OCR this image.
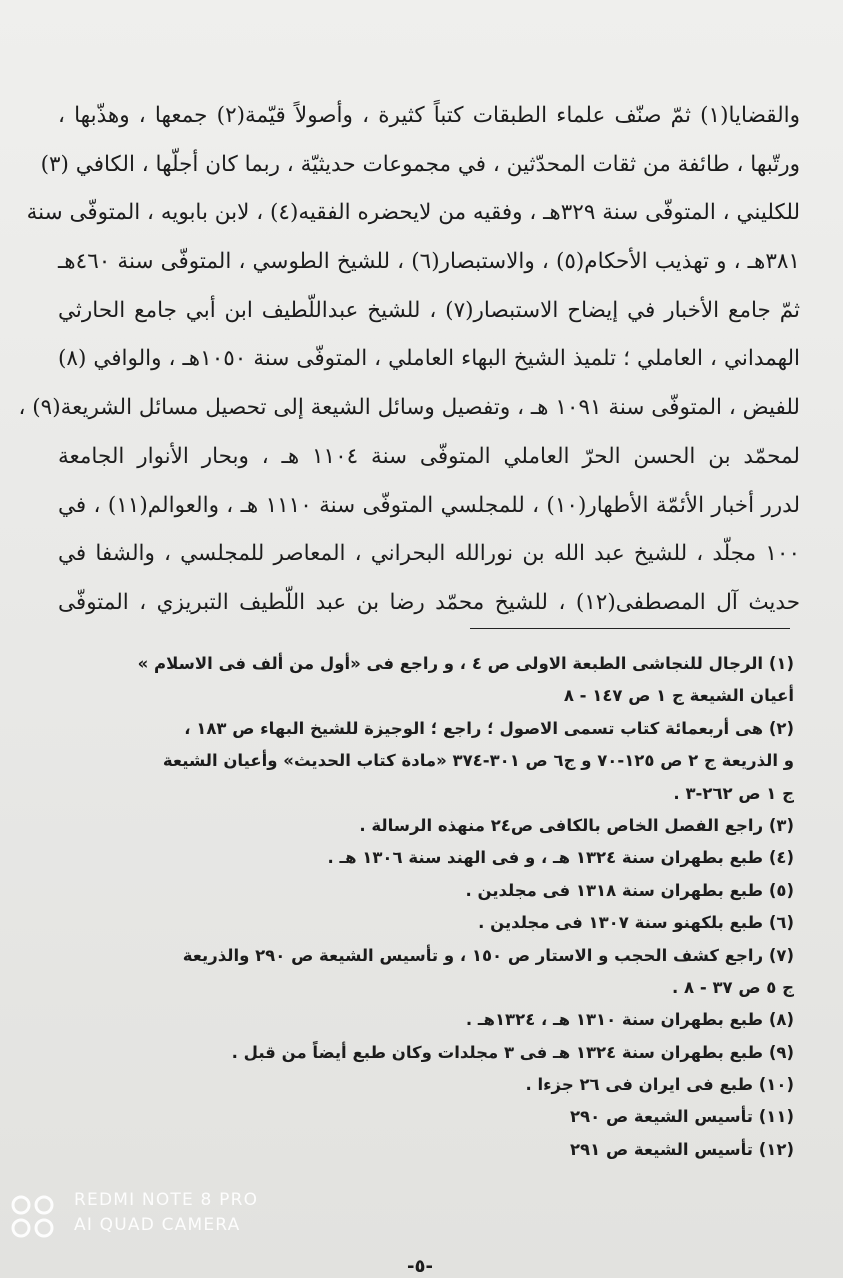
والقضايا(١) ثمّ صنّف علماء الطبقات كتباً كثيرة ، وأصولاً قيّمة(٢) جمعها ، وهذّبها ،
ورتّبها ، طائفة من ثقات المحدّثين ، في مجموعات حديثيّة ، ربما كان أجلّها ، الكافي (٣)
للكليني ، المتوفّى سنة ٣٢٩هـ ، وفقيه من لايحضره الفقيه(٤) ، لابن بابويه ، المتوفّى سنة
٣٨١هـ ، و تهذيب الأحكام(٥) ، والاستبصار(٦) ، للشيخ الطوسي ، المتوفّى سنة ٤٦٠هـ
ثمّ جامع الأخبار في إيضاح الاستبصار(٧) ، للشيخ عبداللّطيف ابن أبي جامع الحارثي
الهمداني ، العاملي ؛ تلميذ الشيخ البهاء العاملي ، المتوفّى سنة ١٠٥٠هـ ، والوافي (٨)
للفيض ، المتوفّى سنة ١٠٩١ هـ ، وتفصيل وسائل الشيعة إلى تحصيل مسائل الشريعة(٩) ،
لمحمّد بن الحسن الحرّ العاملي المتوفّى سنة ١١٠٤ هـ ، وبحار الأنوار الجامعة
لدرر أخبار الأئمّة الأطهار(١٠) ، للمجلسي المتوفّى سنة ١١١٠ هـ ، والعوالم(١١) ، في
١٠٠ مجلّد ، للشيخ عبد الله بن نورالله البحراني ، المعاصر للمجلسي ، والشفا في
حديث آل المصطفى(١٢) ، للشيخ محمّد رضا بن عبد اللّطيف التبريزي ، المتوفّى
(١) الرجال للنجاشى الطبعة الاولى ص ٤ ، و راجع فى «أول من ألف فى الاسلام »
أعيان الشيعة ج ١ ص ١٤٧ - ٨
(٢) هى أربعمائة كتاب تسمى الاصول ؛ راجع ؛ الوجيزة للشيخ البهاء ص ١٨٣ ،
و الذريعة ج ٢ ص ١٢٥-٧٠ و ج٦ ص ٣٠١-٣٧٤ «مادة كتاب الحديث» وأعيان الشيعة
ج ١ ص ٢٦٢-٣ .
(٣) راجع الفصل الخاص بالكافى ص٢٤ منهذه الرسالة .
(٤) طبع بطهران سنة ١٣٢٤ هـ ، و فى الهند سنة ١٣٠٦ هـ .
(٥) طبع بطهران سنة ١٣١٨ فى مجلدين .
(٦) طبع بلكهنو سنة ١٣٠٧ فى مجلدين .
(٧) راجع كشف الحجب و الاستار ص ١٥٠ ، و تأسيس الشيعة ص ٢٩٠ والذريعة
ج ٥ ص ٣٧ - ٨ .
(٨) طبع بطهران سنة ١٣١٠ هـ ، ١٣٢٤هـ .
(٩) طبع بطهران سنة ١٣٢٤ هـ فى ٣ مجلدات وكان طبع أيضاً من قبل .
(١٠) طبع فى ايران فى ٢٦ جزءا .
(١١) تأسيس الشيعة ص ٢٩٠
(١٢) تأسيس الشيعة ص ٢٩١
-٥-
REDMI NOTE 8 PRO
AI QUAD CAMERA
